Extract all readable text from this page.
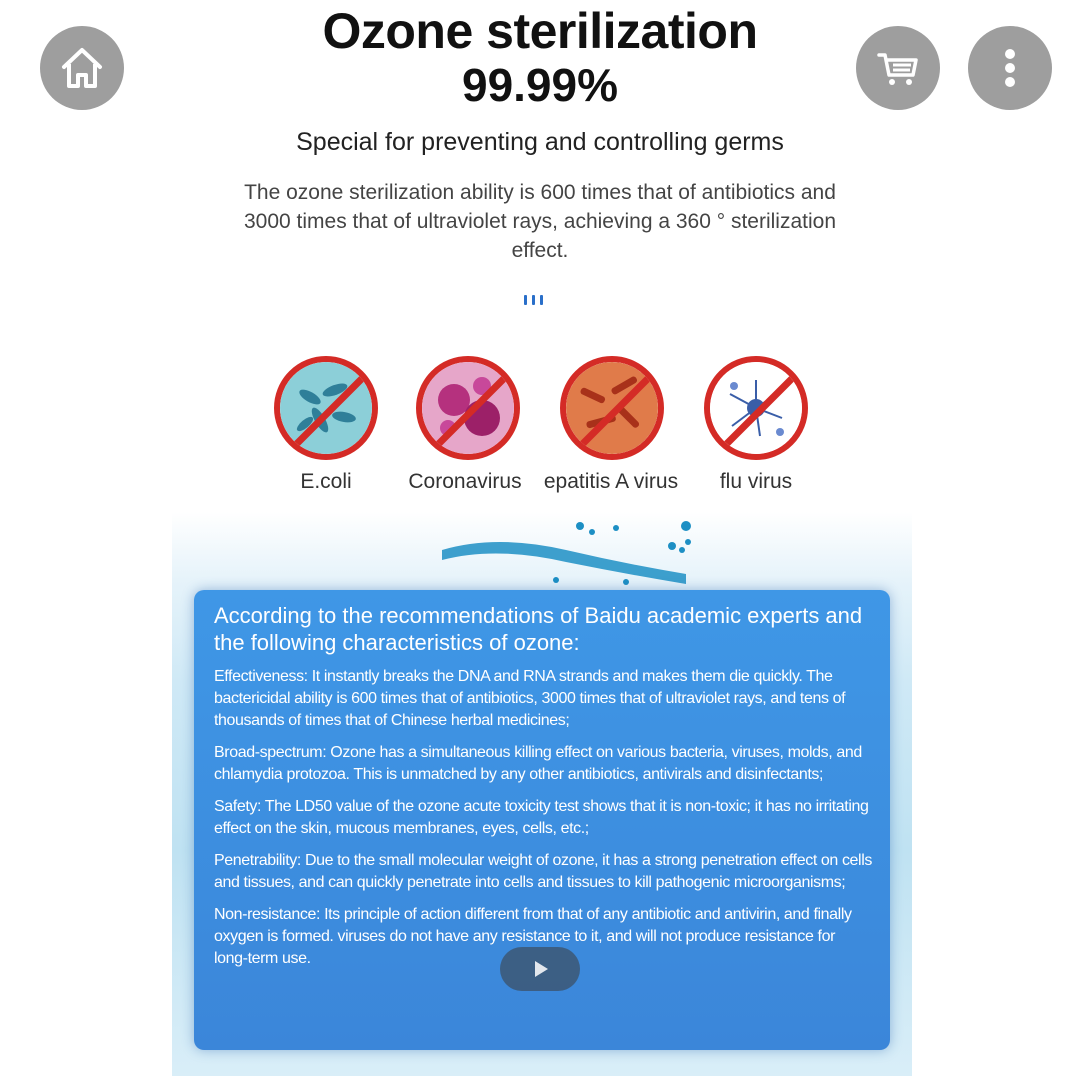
Ozone sterilization
99.99%
Special for preventing and controlling germs
The ozone sterilization ability is 600 times that of antibiotics and 3000 times that of ultraviolet rays, achieving a 360 ° sterilization effect.
E.coli	Coronavirus	epatitis A virus	flu virus
According to the recommendations of Baidu academic experts and the following characteristics of ozone:

Effectiveness: It instantly breaks the DNA and RNA strands and makes them die quickly. The bactericidal ability is 600 times that of antibiotics, 3000 times that of ultraviolet rays, and tens of thousands of times that of Chinese herbal medicines;

Broad-spectrum: Ozone has a simultaneous killing effect on various bacteria, viruses, molds, and chlamydia protozoa. This is unmatched by any other antibiotics, antivirals and disinfectants;

Safety: The LD50 value of the ozone acute toxicity test shows that it is non-toxic; it has no irritating effect on the skin, mucous membranes, eyes, cells, etc.;

Penetrability: Due to the small molecular weight of ozone, it has a strong penetration effect on cells and tissues, and can quickly penetrate into cells and tissues to kill pathogenic microorganisms;

Non-resistance: Its principle of action different from that of any antibiotic and antivirin, and finally oxygen is formed. viruses do not have any resistance to it, and will not produce resistance for long-term use.
